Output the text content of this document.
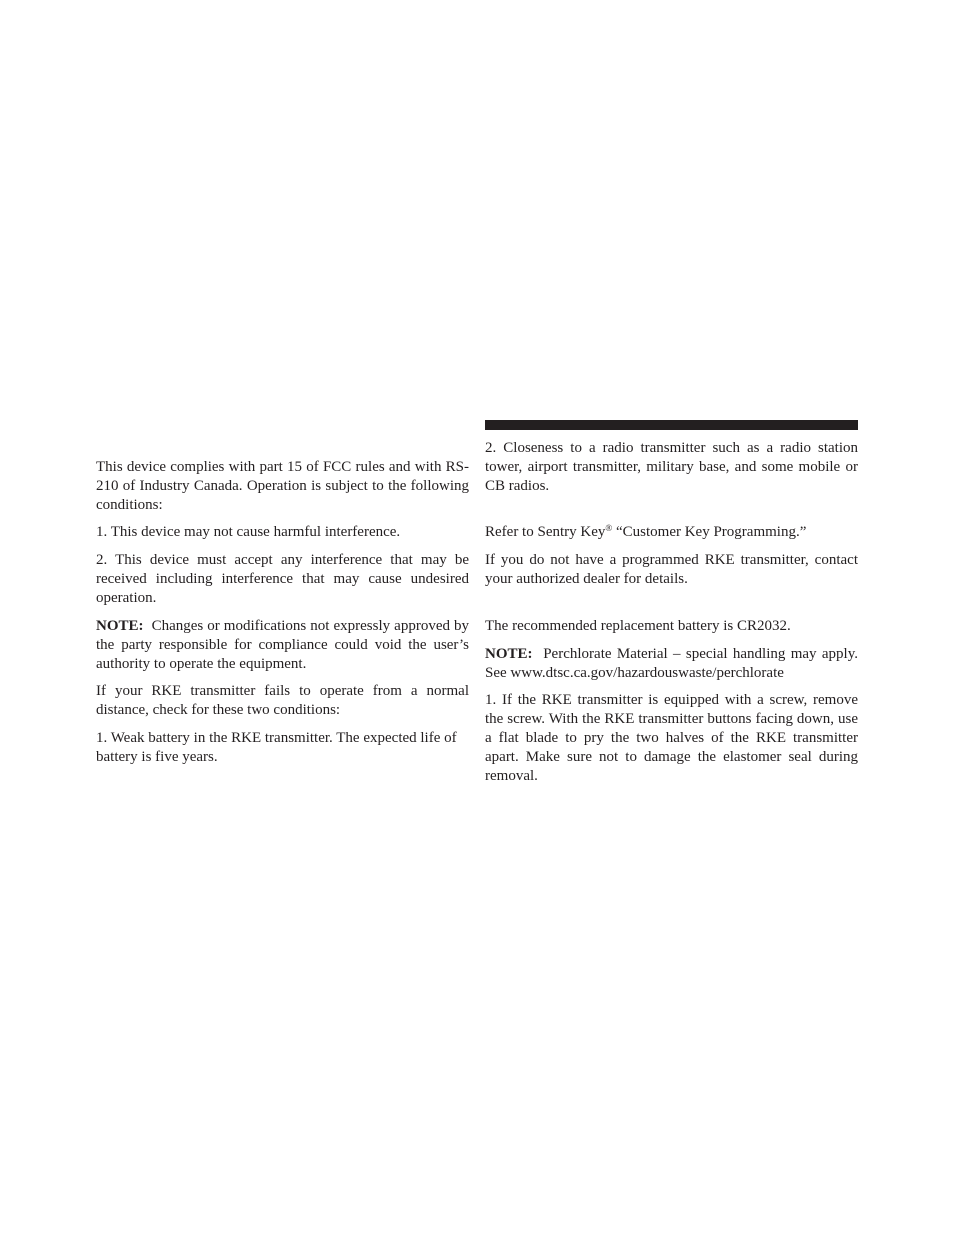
This device complies with part 15 of FCC rules and with RS-210 of Industry Canada. Operation is subject to the following conditions:

1. This device may not cause harmful interference.

2. This device must accept any interference that may be received including interference that may cause undesired operation.

NOTE: Changes or modifications not expressly approved by the party responsible for compliance could void the user’s authority to operate the equipment.

If your RKE transmitter fails to operate from a normal distance, check for these two conditions:

1. Weak battery in the RKE transmitter. The expected life of battery is five years.

2. Closeness to a radio transmitter such as a radio station tower, airport transmitter, military base, and some mobile or CB radios.

Refer to Sentry Key® “Customer Key Programming.”

If you do not have a programmed RKE transmitter, contact your authorized dealer for details.

The recommended replacement battery is CR2032.

NOTE: Perchlorate Material – special handling may apply. See www.dtsc.ca.gov/hazardouswaste/perchlorate

1. If the RKE transmitter is equipped with a screw, remove the screw. With the RKE transmitter buttons facing down, use a flat blade to pry the two halves of the RKE transmitter apart. Make sure not to damage the elastomer seal during removal.
